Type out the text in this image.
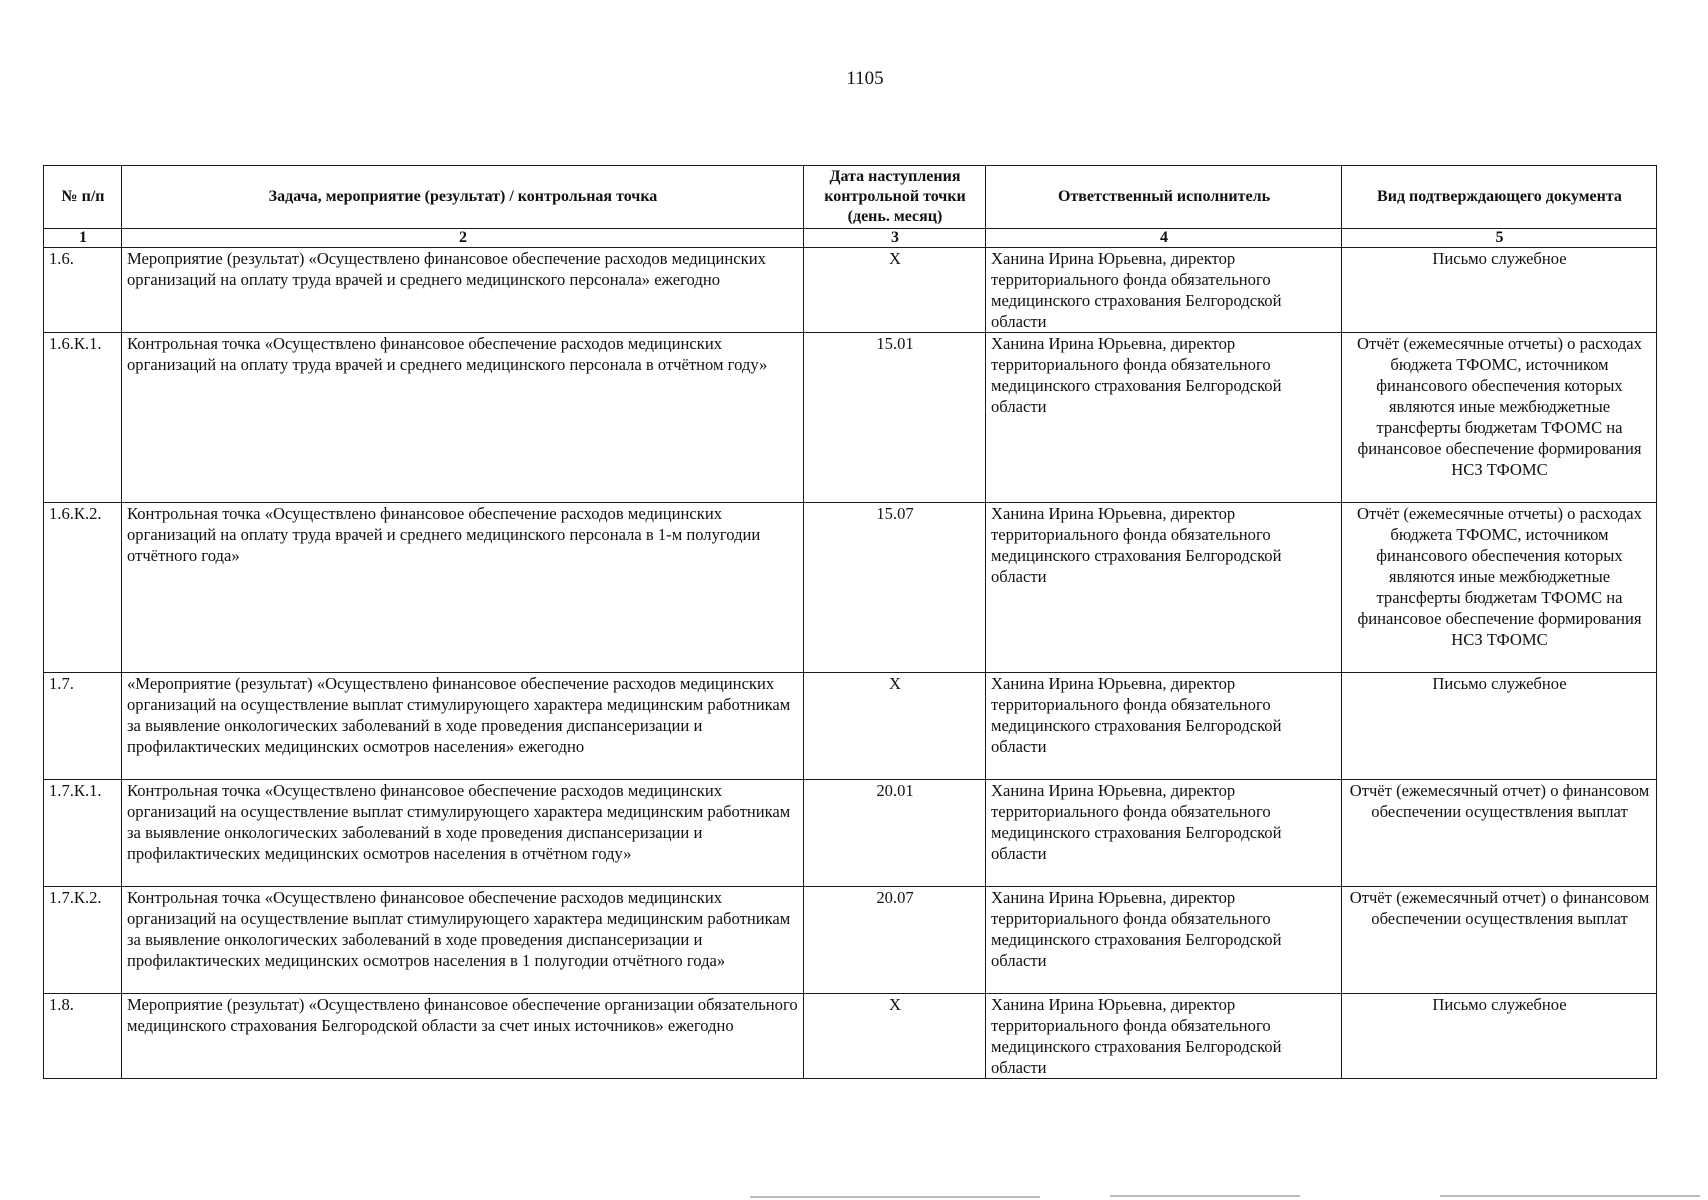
1105
№ п/п	Задача, мероприятие (результат) / контрольная точка	Дата наступления контрольной точки (день. месяц)	Ответственный исполнитель	Вид подтверждающего документа
1	2	3	4	5
1.6.	Мероприятие (результат) «Осуществлено финансовое обеспечение расходов медицинских организаций на оплату труда врачей и среднего медицинского персонала» ежегодно	X	Ханина Ирина Юрьевна, директор территориального фонда обязательного медицинского страхования Белгородской области	Письмо служебное
1.6.К.1.	Контрольная точка «Осуществлено финансовое обеспечение расходов медицинских организаций на оплату труда врачей и среднего медицинского персонала в отчётном году»	15.01	Ханина Ирина Юрьевна, директор территориального фонда обязательного медицинского страхования Белгородской области	Отчёт (ежемесячные отчеты) о расходах бюджета ТФОМС, источником финансового обеспечения которых являются иные межбюджетные трансферты бюджетам ТФОМС на финансовое обеспечение формирования НСЗ ТФОМС
1.6.К.2.	Контрольная точка «Осуществлено финансовое обеспечение расходов медицинских организаций на оплату труда врачей и среднего медицинского персонала в 1-м полугодии отчётного года»	15.07	Ханина Ирина Юрьевна, директор территориального фонда обязательного медицинского страхования Белгородской области	Отчёт (ежемесячные отчеты) о расходах бюджета ТФОМС, источником финансового обеспечения которых являются иные межбюджетные трансферты бюджетам ТФОМС на финансовое обеспечение формирования НСЗ ТФОМС
1.7.	«Мероприятие (результат) «Осуществлено финансовое обеспечение расходов медицинских организаций на осуществление выплат стимулирующего характера медицинским работникам за выявление онкологических заболеваний в ходе проведения диспансеризации и профилактических медицинских осмотров населения» ежегодно	X	Ханина Ирина Юрьевна, директор территориального фонда обязательного медицинского страхования Белгородской области	Письмо служебное
1.7.К.1.	Контрольная точка «Осуществлено финансовое обеспечение расходов медицинских организаций на осуществление выплат стимулирующего характера медицинским работникам за выявление онкологических заболеваний в ходе проведения диспансеризации и профилактических медицинских осмотров населения в отчётном году»	20.01	Ханина Ирина Юрьевна, директор территориального фонда обязательного медицинского страхования Белгородской области	Отчёт (ежемесячный отчет) о финансовом обеспечении осуществления выплат
1.7.К.2.	Контрольная точка «Осуществлено финансовое обеспечение расходов медицинских организаций на осуществление выплат стимулирующего характера медицинским работникам за выявление онкологических заболеваний в ходе проведения диспансеризации и профилактических медицинских осмотров населения в 1 полугодии отчётного года»	20.07	Ханина Ирина Юрьевна, директор территориального фонда обязательного медицинского страхования Белгородской области	Отчёт (ежемесячный отчет) о финансовом обеспечении осуществления выплат
1.8.	Мероприятие (результат) «Осуществлено финансовое обеспечение организации обязательного медицинского страхования Белгородской области за счет иных источников» ежегодно	X	Ханина Ирина Юрьевна, директор территориального фонда обязательного медицинского страхования Белгородской области	Письмо служебное
